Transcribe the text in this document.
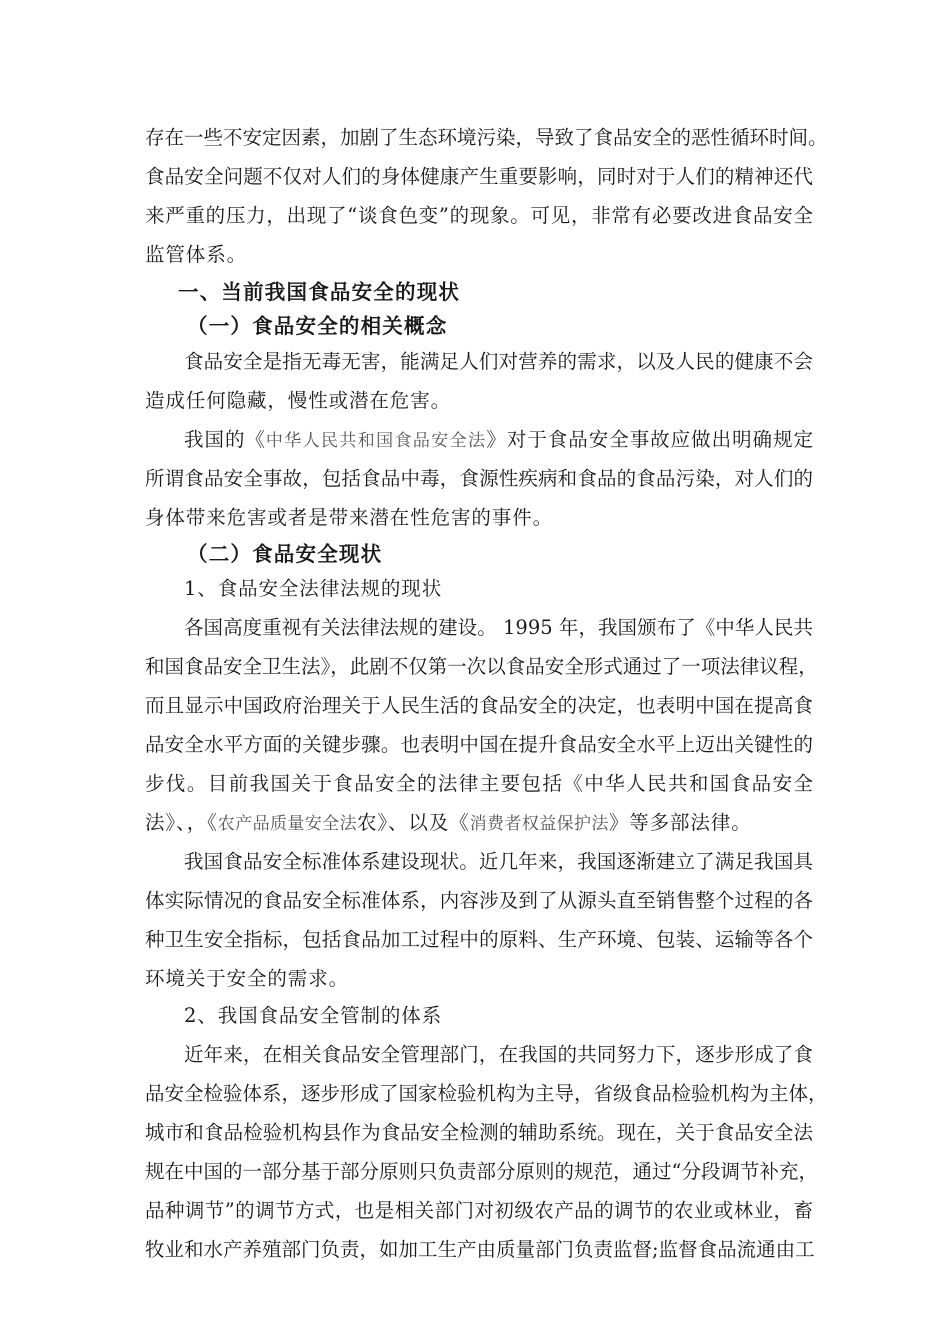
存在一些不安定因素，加剧了生态环境污染，导致了食品安全的恶性循环时间。
食品安全问题不仅对人们的身体健康产生重要影响，同时对于人们的精神还代
来严重的压力，出现了“谈食色变”的现象。可见，非常有必要改进食品安全
监管体系。
一、当前我国食品安全的现状
（一）食品安全的相关概念
食品安全是指无毒无害，能满足人们对营养的需求，以及人民的健康不会
造成任何隐藏，慢性或潜在危害。
我国的《中华人民共和国食品安全法》对于食品安全事故应做出明确规定
所谓食品安全事故，包括食品中毒，食源性疾病和食品的食品污染，对人们的
身体带来危害或者是带来潜在性危害的事件。
（二）食品安全现状
1、食品安全法律法规的现状
各国高度重视有关法律法规的建设。 1995 年，我国颁布了《中华人民共
和国食品安全卫生法》，此剧不仅第一次以食品安全形式通过了一项法律议程，
而且显示中国政府治理关于人民生活的食品安全的决定，也表明中国在提高食
品安全水平方面的关键步骤。也表明中国在提升食品安全水平上迈出关键性的
步伐。目前我国关于食品安全的法律主要包括《中华人民共和国食品安全
法》、，《农产品质量安全法农》、以及《消费者权益保护法》等多部法律。
我国食品安全标准体系建设现状。近几年来，我国逐渐建立了满足我国具
体实际情况的食品安全标准体系，内容涉及到了从源头直至销售整个过程的各
种卫生安全指标，包括食品加工过程中的原料、生产环境、包装、运输等各个
环境关于安全的需求。
2、我国食品安全管制的体系
近年来，在相关食品安全管理部门，在我国的共同努力下，逐步形成了食
品安全检验体系，逐步形成了国家检验机构为主导，省级食品检验机构为主体，
城市和食品检验机构县作为食品安全检测的辅助系统。现在，关于食品安全法
规在中国的一部分基于部分原则只负责部分原则的规范，通过“分段调节补充，
品种调节”的调节方式，也是相关部门对初级农产品的调节的农业或林业，畜
牧业和水产养殖部门负责，如加工生产由质量部门负责监督;监督食品流通由工
